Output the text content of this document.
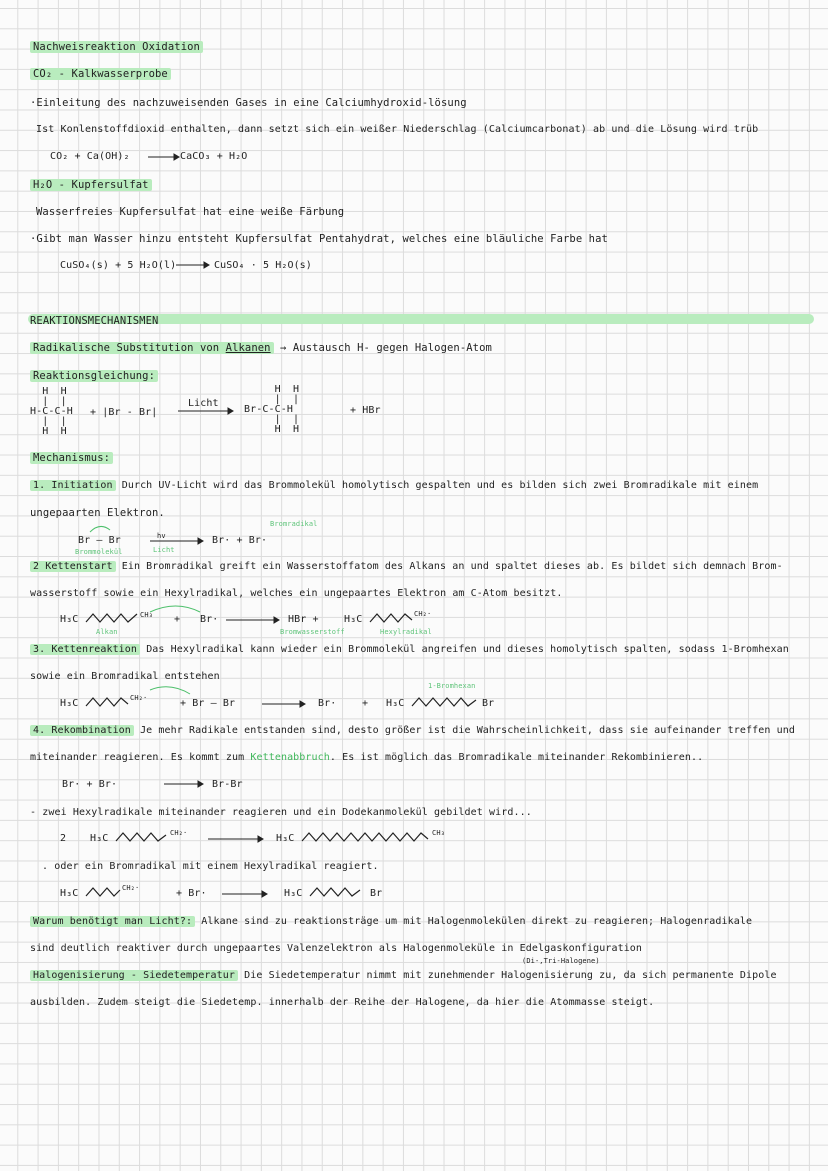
Nachweisreaktion Oxidation
CO₂ - Kalkwasserprobe
·Einleitung des nachzuweisenden Gases in eine Calciumhydroxid-lösung
Ist Konlenstoffdioxid enthalten, dann setzt sich ein weißer Niederschlag (Calciumcarbonat) ab und die Lösung wird trüb
CO₂ + Ca(OH)₂	CaCO₃ + H₂O
H₂O - Kupfersulfat
Wasserfreies Kupfersulfat hat eine weiße Färbung
·Gibt man Wasser hinzu entsteht Kupfersulfat Pentahydrat, welches eine bläuliche Farbe hat
CuSO₄(s) + 5 H₂O(l)	CuSO₄ · 5 H₂O(s)
REAKTIONSMECHANISMEN
Radikalische Substitution von Alkanen → Austausch H- gegen Halogen-Atom
Reaktionsgleichung:
H  H
|  |
H-C-C-H
|  |
H  H
+ |Br - Br|
Licht
H  H
|  |
Br-C-C-H
|  |
H  H
+ HBr
Mechanismus:
1. Initiation Durch UV-Licht wird das Brommolekül homolytisch gespalten und es bilden sich zwei Bromradikale mit einem
ungepaarten Elektron.
Bromradikal
Br — Br
Brommolekül
hv
Licht
Br· + Br·
2 Kettenstart Ein Bromradikal greift ein Wasserstoffatom des Alkans an und spaltet dieses ab. Es bildet sich demnach Brom-
wasserstoff sowie ein Hexylradikal, welches ein ungepaartes Elektron am C-Atom besitzt.
H₃C	CH₃
Alkan
+ Br·	HBr +
Bromwasserstoff
H₃C	CH₂·
Hexylradikal
3. Kettenreaktion Das Hexylradikal kann wieder ein Brommolekül angreifen und dieses homolytisch spalten, sodass 1-Bromhexan
sowie ein Bromradikal entstehen
1-Bromhexan
H₃C	CH₂·	+ Br — Br	Br·	+ H₃C	Br
4. Rekombination Je mehr Radikale entstanden sind, desto größer ist die Wahrscheinlichkeit, dass sie aufeinander treffen und
miteinander reagieren. Es kommt zum Kettenabbruch. Es ist möglich das Bromradikale miteinander Rekombinieren..
Br· + Br·	Br-Br
- zwei Hexylradikale miteinander reagieren und ein Dodekanmolekül gebildet wird...
2 H₃C	CH₂·	H₃C	CH₃
. oder ein Bromradikal mit einem Hexylradikal reagiert.
H₃C	CH₂·	+ Br·	H₃C	Br
Warum benötigt man Licht?: Alkane sind zu reaktionsträge um mit Halogenmolekülen direkt zu reagieren; Halogenradikale
sind deutlich reaktiver durch ungepaartes Valenzelektron als Halogenmoleküle in Edelgaskonfiguration
(Di-,Tri-Halogene)
Halogenisierung - Siedetemperatur Die Siedetemperatur nimmt mit zunehmender Halogenisierung zu, da sich permanente Dipole
ausbilden. Zudem steigt die Siedetemp. innerhalb der Reihe der Halogene, da hier die Atommasse steigt.
